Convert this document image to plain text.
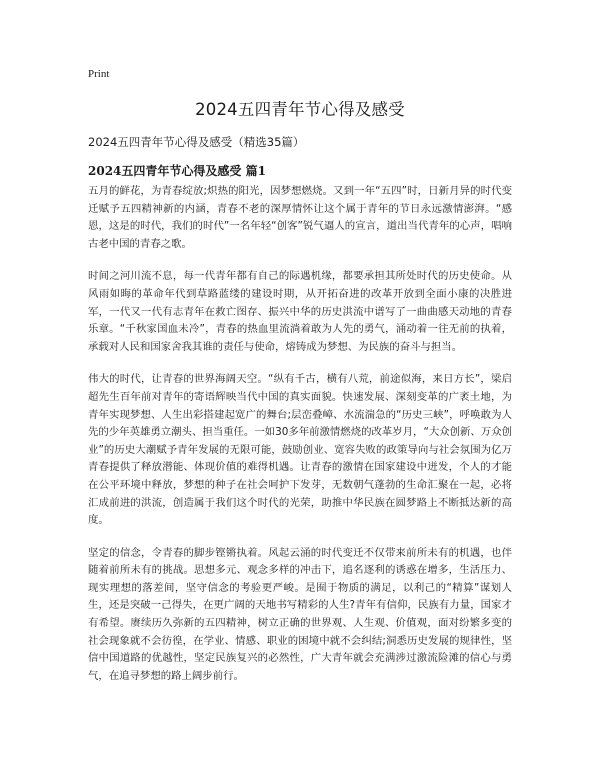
Print
2024五四青年节心得及感受
2024五四青年节心得及感受（精选35篇）
2024五四青年节心得及感受 篇1

五月的鲜花，为青春绽放;炽热的阳光，因梦想燃烧。又到一年“五四”时，日新月异的时代变迁赋予五四精神新的内涵，青春不老的深厚情怀让这个属于青年的节日永远激情澎湃。“感恩，这是的时代，我们的时代”一名年轻“创客”锐气逼人的宣言，道出当代青年的心声，唱响古老中国的青春之歌。

时间之河川流不息，每一代青年都有自己的际遇机缘，都要承担其所处时代的历史使命。从风雨如晦的革命年代到草路蓝缕的建设时期，从开拓奋进的改革开放到全面小康的决胜进军，一代又一代有志青年在救亡图存、振兴中华的历史洪流中谱写了一曲曲感天动地的青春乐章。“千秋家国血未冷”，青春的热血里流淌着敢为人先的勇气，涌动着一往无前的执着，承载对人民和国家舍我其谁的责任与使命，熔铸成为梦想、为民族的奋斗与担当。

伟大的时代，让青春的世界海阔天空。“纵有千古，横有八荒，前途似海，来日方长”，梁启超先生百年前对青年的寄语辉映当代中国的真实面貌。快速发展、深刻变革的广袤土地，为青年实现梦想、人生出彩搭建起宽广的舞台;层峦叠嶂、水流湍急的“历史三峡”，呼唤敢为人先的少年英雄勇立潮头、担当重任。一如30多年前激情燃烧的改革岁月，“大众创新、万众创业”的历史大潮赋予青年发展的无限可能，鼓励创业、宽容失败的政策导向与社会氛围为亿万青春提供了释放潜能、体现价值的难得机遇。让青春的激情在国家建设中迸发，个人的才能在公平环境中释放，梦想的种子在社会呵护下发芽，无数朝气蓬勃的生命汇聚在一起，必将汇成前进的洪流，创造属于我们这个时代的光荣，助推中华民族在圆梦路上不断抵达新的高度。

坚定的信念，令青春的脚步铿锵执着。风起云涌的时代变迁不仅带来前所未有的机遇，也伴随着前所未有的挑战。思想多元、观念多样的冲击下，追名逐利的诱惑在增多，生活压力、现实理想的落差间，坚守信念的考验更严峻。是囿于物质的满足，以利己的“精算”谋划人生，还是突破一己得失，在更广阔的天地书写精彩的人生?青年有信仰，民族有力量，国家才有希望。赓续历久弥新的五四精神，树立正确的世界观、人生观、价值观，面对纷繁多变的社会现象就不会彷徨，在学业、情感、职业的困境中就不会纠结;洞悉历史发展的规律性，坚信中国道路的优越性，坚定民族复兴的必然性，广大青年就会充满涉过激流险滩的信心与勇气，在追寻梦想的路上阔步前行。
